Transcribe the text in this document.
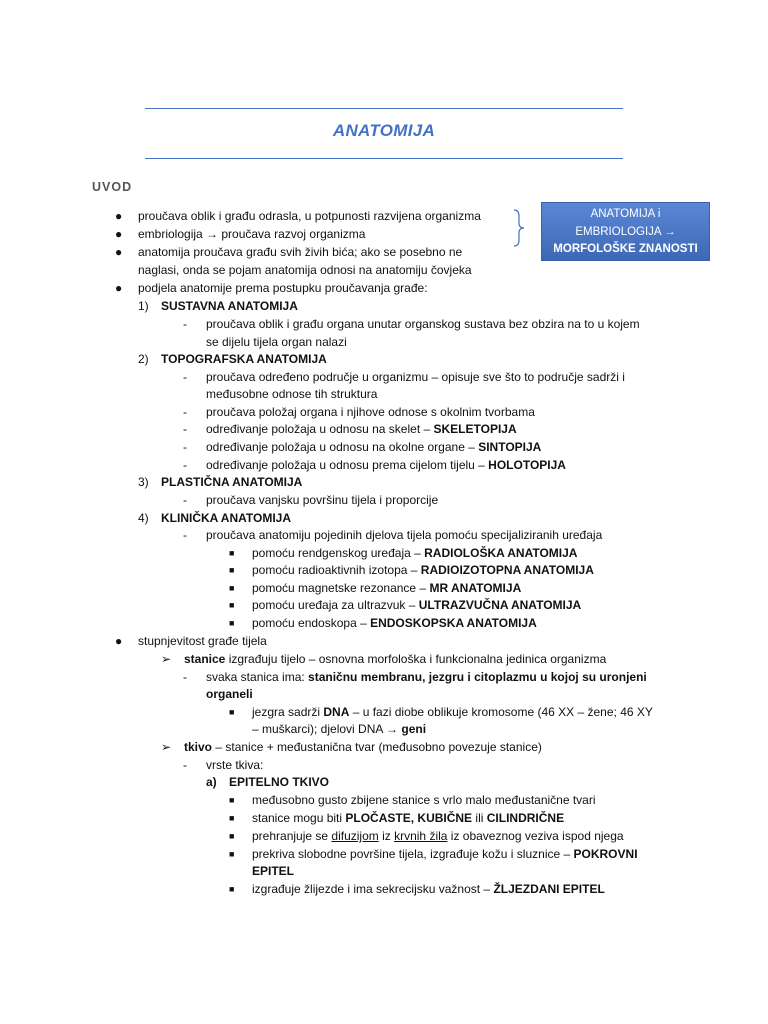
ANATOMIJA
UVOD
ANATOMIJA i
EMBRIOLOGIJA →
MORFOLOŠKE ZNANOSTI
● proučava oblik i građu odrasla, u potpunosti razvijena organizma
● embriologija → proučava razvoj organizma
● anatomija proučava građu svih živih bića; ako se posebno ne
naglasi, onda se pojam anatomija odnosi na anatomiju čovjeka
● podjela anatomije prema postupku proučavanja građe:
1) SUSTAVNA ANATOMIJA
- proučava oblik i građu organa unutar organskog sustava bez obzira na to u kojem
se dijelu tijela organ nalazi
2) TOPOGRAFSKA ANATOMIJA
- proučava određeno područje u organizmu – opisuje sve što to područje sadrži i
međusobne odnose tih struktura
- proučava položaj organa i njihove odnose s okolnim tvorbama
- određivanje položaja u odnosu na skelet – SKELETOPIJA
- određivanje položaja u odnosu na okolne organe – SINTOPIJA
- određivanje položaja u odnosu prema cijelom tijelu – HOLOTOPIJA
3) PLASTIČNA ANATOMIJA
- proučava vanjsku površinu tijela i proporcije
4) KLINIČKA ANATOMIJA
- proučava anatomiju pojedinih djelova tijela pomoću specijaliziranih uređaja
■ pomoću rendgenskog uređaja – RADIOLOŠKA ANATOMIJA
■ pomoću radioaktivnih izotopa – RADIOIZOTOPNA ANATOMIJA
■ pomoću magnetske rezonance – MR ANATOMIJA
■ pomoću uređaja za ultrazvuk – ULTRAZVUČNA ANATOMIJA
■ pomoću endoskopa – ENDOSKOPSKA ANATOMIJA
● stupnjevitost građe tijela
➢ stanice izgrađuju tijelo – osnovna morfološka i funkcionalna jedinica organizma
- svaka stanica ima: staničnu membranu, jezgru i citoplazmu u kojoj su uronjeni
organeli
■ jezgra sadrži DNA – u fazi diobe oblikuje kromosome (46 XX – žene; 46 XY
– muškarci); djelovi DNA → geni
➢ tkivo – stanice + međustanična tvar (međusobno povezuje stanice)
- vrste tkiva:
a) EPITELNO TKIVO
■ međusobno gusto zbijene stanice s vrlo malo međustanične tvari
■ stanice mogu biti PLOČASTE, KUBIČNE ili CILINDRIČNE
■ prehranjuje se difuzijom iz krvnih žila iz obaveznog veziva ispod njega
■ prekriva slobodne površine tijela, izgrađuje kožu i sluznice – POKROVNI
EPITEL
■ izgrađuje žlijezde i ima sekrecijsku važnost – ŽLJEZDANI EPITEL
